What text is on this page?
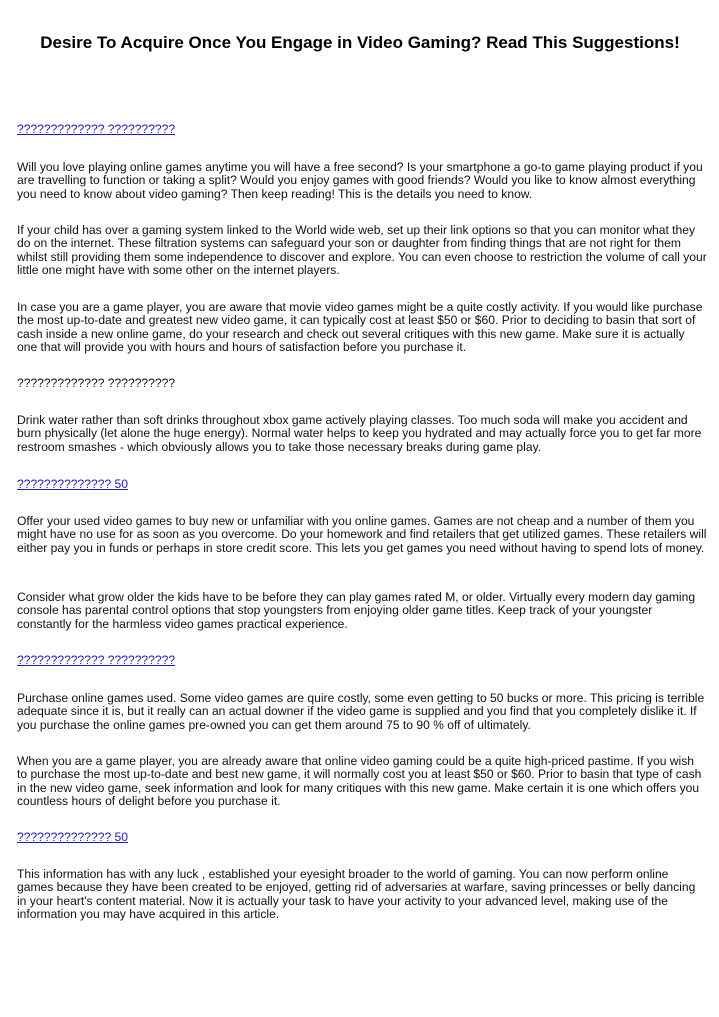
Desire To Acquire Once You Engage in Video Gaming? Read This Suggestions!

????????????? ??????????

Will you love playing online games anytime you will have a free second? Is your smartphone a go-to game playing product if you are travelling to function or taking a split? Would you enjoy games with good friends? Would you like to know almost everything you need to know about video gaming? Then keep reading! This is the details you need to know.

If your child has over a gaming system linked to the World wide web, set up their link options so that you can monitor what they do on the internet. These filtration systems can safeguard your son or daughter from finding things that are not right for them whilst still providing them some independence to discover and explore. You can even choose to restriction the volume of call your little one might have with some other on the internet players.

In case you are a game player, you are aware that movie video games might be a quite costly activity. If you would like purchase the most up-to-date and greatest new video game, it can typically cost at least $50 or $60. Prior to deciding to basin that sort of cash inside a new online game, do your research and check out several critiques with this new game. Make sure it is actually one that will provide you with hours and hours of satisfaction before you purchase it.

????????????? ??????????

Drink water rather than soft drinks throughout xbox game actively playing classes. Too much soda will make you accident and burn physically (let alone the huge energy). Normal water helps to keep you hydrated and may actually force you to get far more restroom smashes - which obviously allows you to take those necessary breaks during game play.

?????????????? 50

Offer your used video games to buy new or unfamiliar with you online games. Games are not cheap and a number of them you might have no use for as soon as you overcome. Do your homework and find retailers that get utilized games. These retailers will either pay you in funds or perhaps in store credit score. This lets you get games you need without having to spend lots of money.

Consider what grow older the kids have to be before they can play games rated M, or older. Virtually every modern day gaming console has parental control options that stop youngsters from enjoying older game titles. Keep track of your youngster constantly for the harmless video games practical experience.

????????????? ??????????

Purchase online games used. Some video games are quire costly, some even getting to 50 bucks or more. This pricing is terrible adequate since it is, but it really can an actual downer if the video game is supplied and you find that you completely dislike it. If you purchase the online games pre-owned you can get them around 75 to 90 % off of ultimately.

When you are a game player, you are already aware that online video gaming could be a quite high-priced pastime. If you wish to purchase the most up-to-date and best new game, it will normally cost you at least $50 or $60. Prior to basin that type of cash in the new video game, seek information and look for many critiques with this new game. Make certain it is one which offers you countless hours of delight before you purchase it.

?????????????? 50

This information has with any luck , established your eyesight broader to the world of gaming. You can now perform online games because they have been created to be enjoyed, getting rid of adversaries at warfare, saving princesses or belly dancing in your heart's content material. Now it is actually your task to have your activity to your advanced level, making use of the information you may have acquired in this article.
